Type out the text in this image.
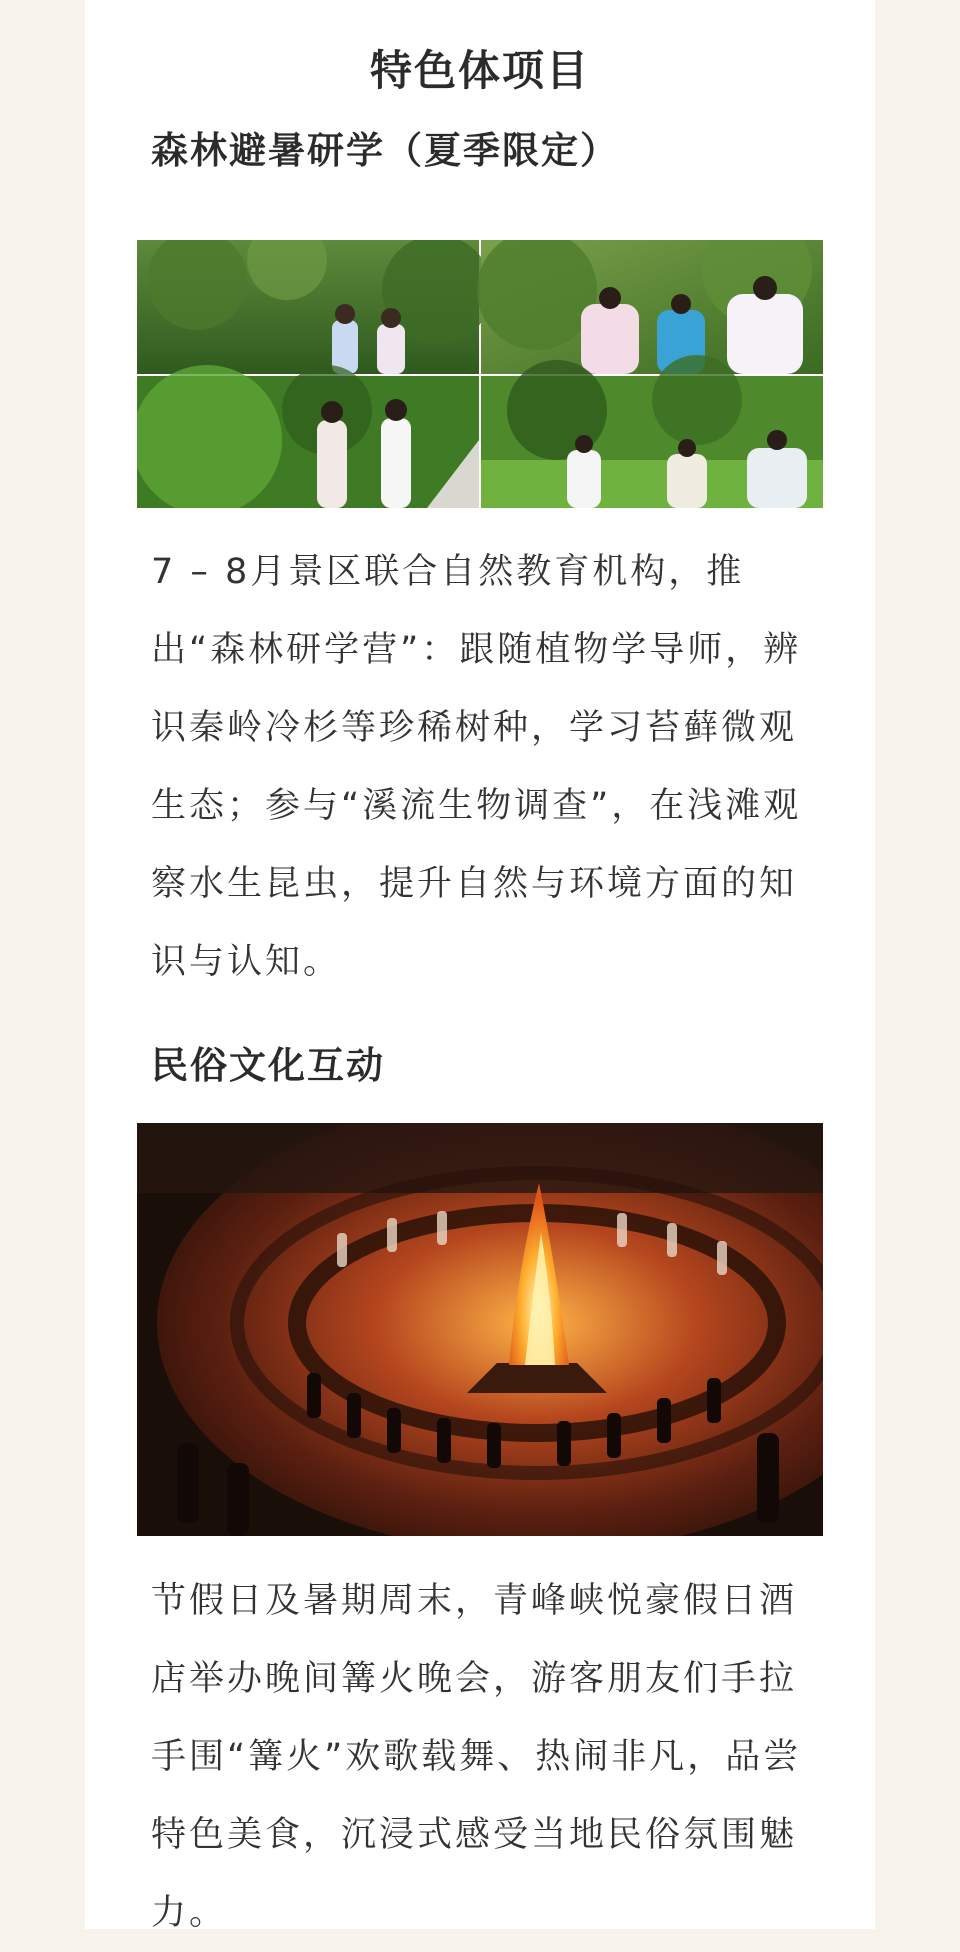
特色体项目
森林避暑研学（夏季限定）

7 – 8月景区联合自然教育机构，推出“森林研学营”：跟随植物学导师，辨识秦岭冷杉等珍稀树种，学习苔藓微观生态；参与“溪流生物调查”，在浅滩观察水生昆虫，提升自然与环境方面的知识与认知。

民俗文化互动

节假日及暑期周末，青峰峡悦豪假日酒店举办晚间篝火晚会，游客朋友们手拉手围“篝火”欢歌载舞、热闹非凡，品尝特色美食，沉浸式感受当地民俗氛围魅力。
